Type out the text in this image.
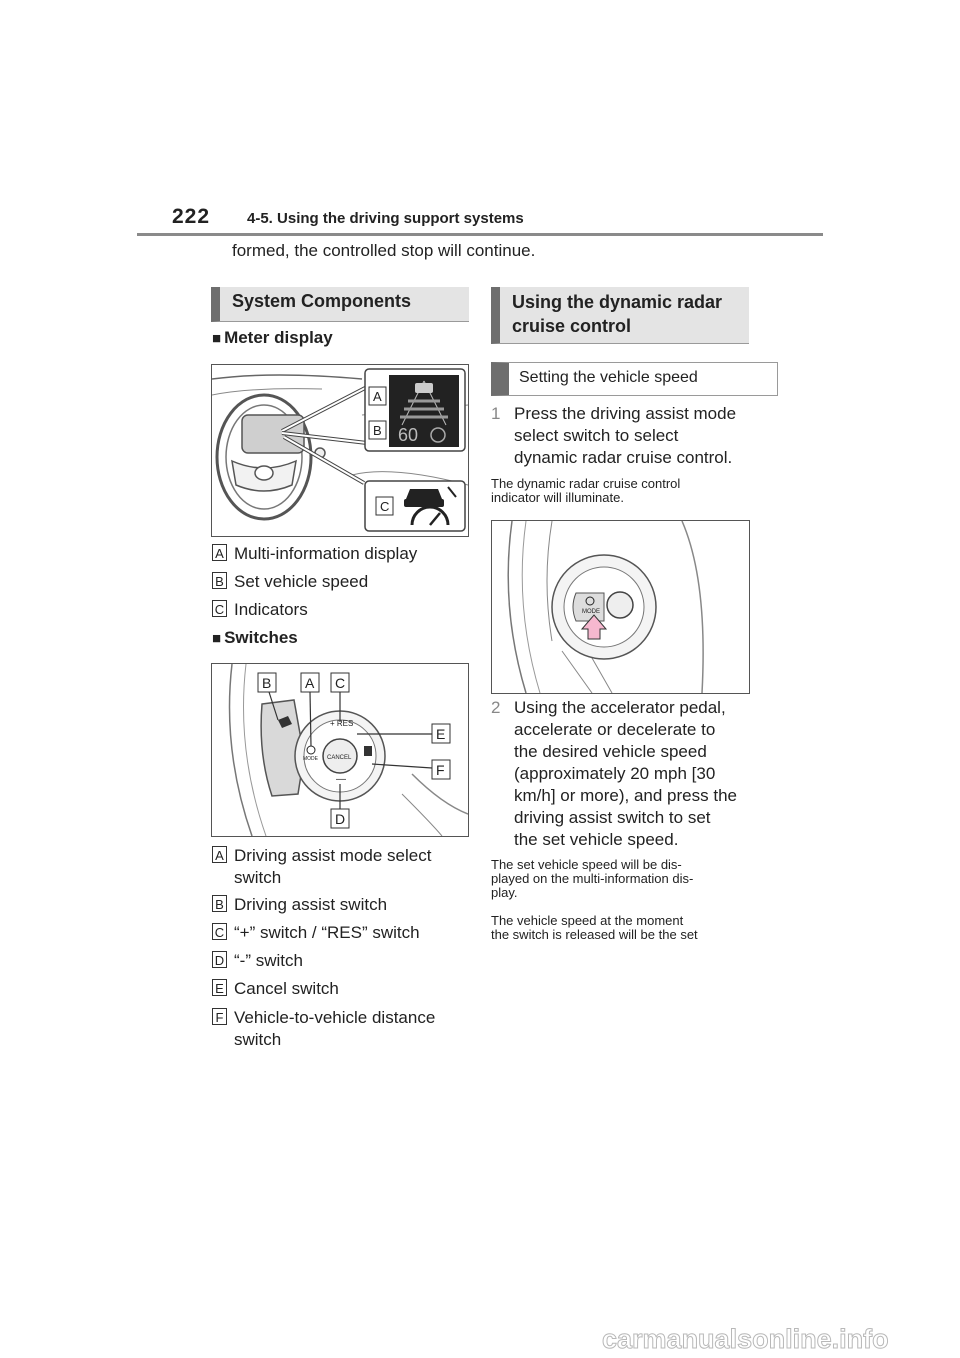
222 4-5. Using the driving support systems
formed, the controlled stop will continue.
System Components
■ Meter display
60
A
B
C
A Multi-information display
B Set vehicle speed
C Indicators
■ Switches
CANCEL
+ RES
—
MODE
B A C
E
F
D
A Driving assist mode select
switch
B Driving assist switch
C “+” switch / “RES” switch
D “-” switch
E Cancel switch
F Vehicle-to-vehicle distance
switch
Using the dynamic radar
cruise control
Setting the vehicle speed
1 Press the driving assist mode
select switch to select
dynamic radar cruise control.
The dynamic radar cruise control
indicator will illuminate.
MODE
2 Using the accelerator pedal,
accelerate or decelerate to
the desired vehicle speed
(approximately 20 mph [30
km/h] or more), and press the
driving assist switch to set
the set vehicle speed.
The set vehicle speed will be dis-
played on the multi-information dis-
play.
The vehicle speed at the moment
the switch is released will be the set
carmanualsonline.info
